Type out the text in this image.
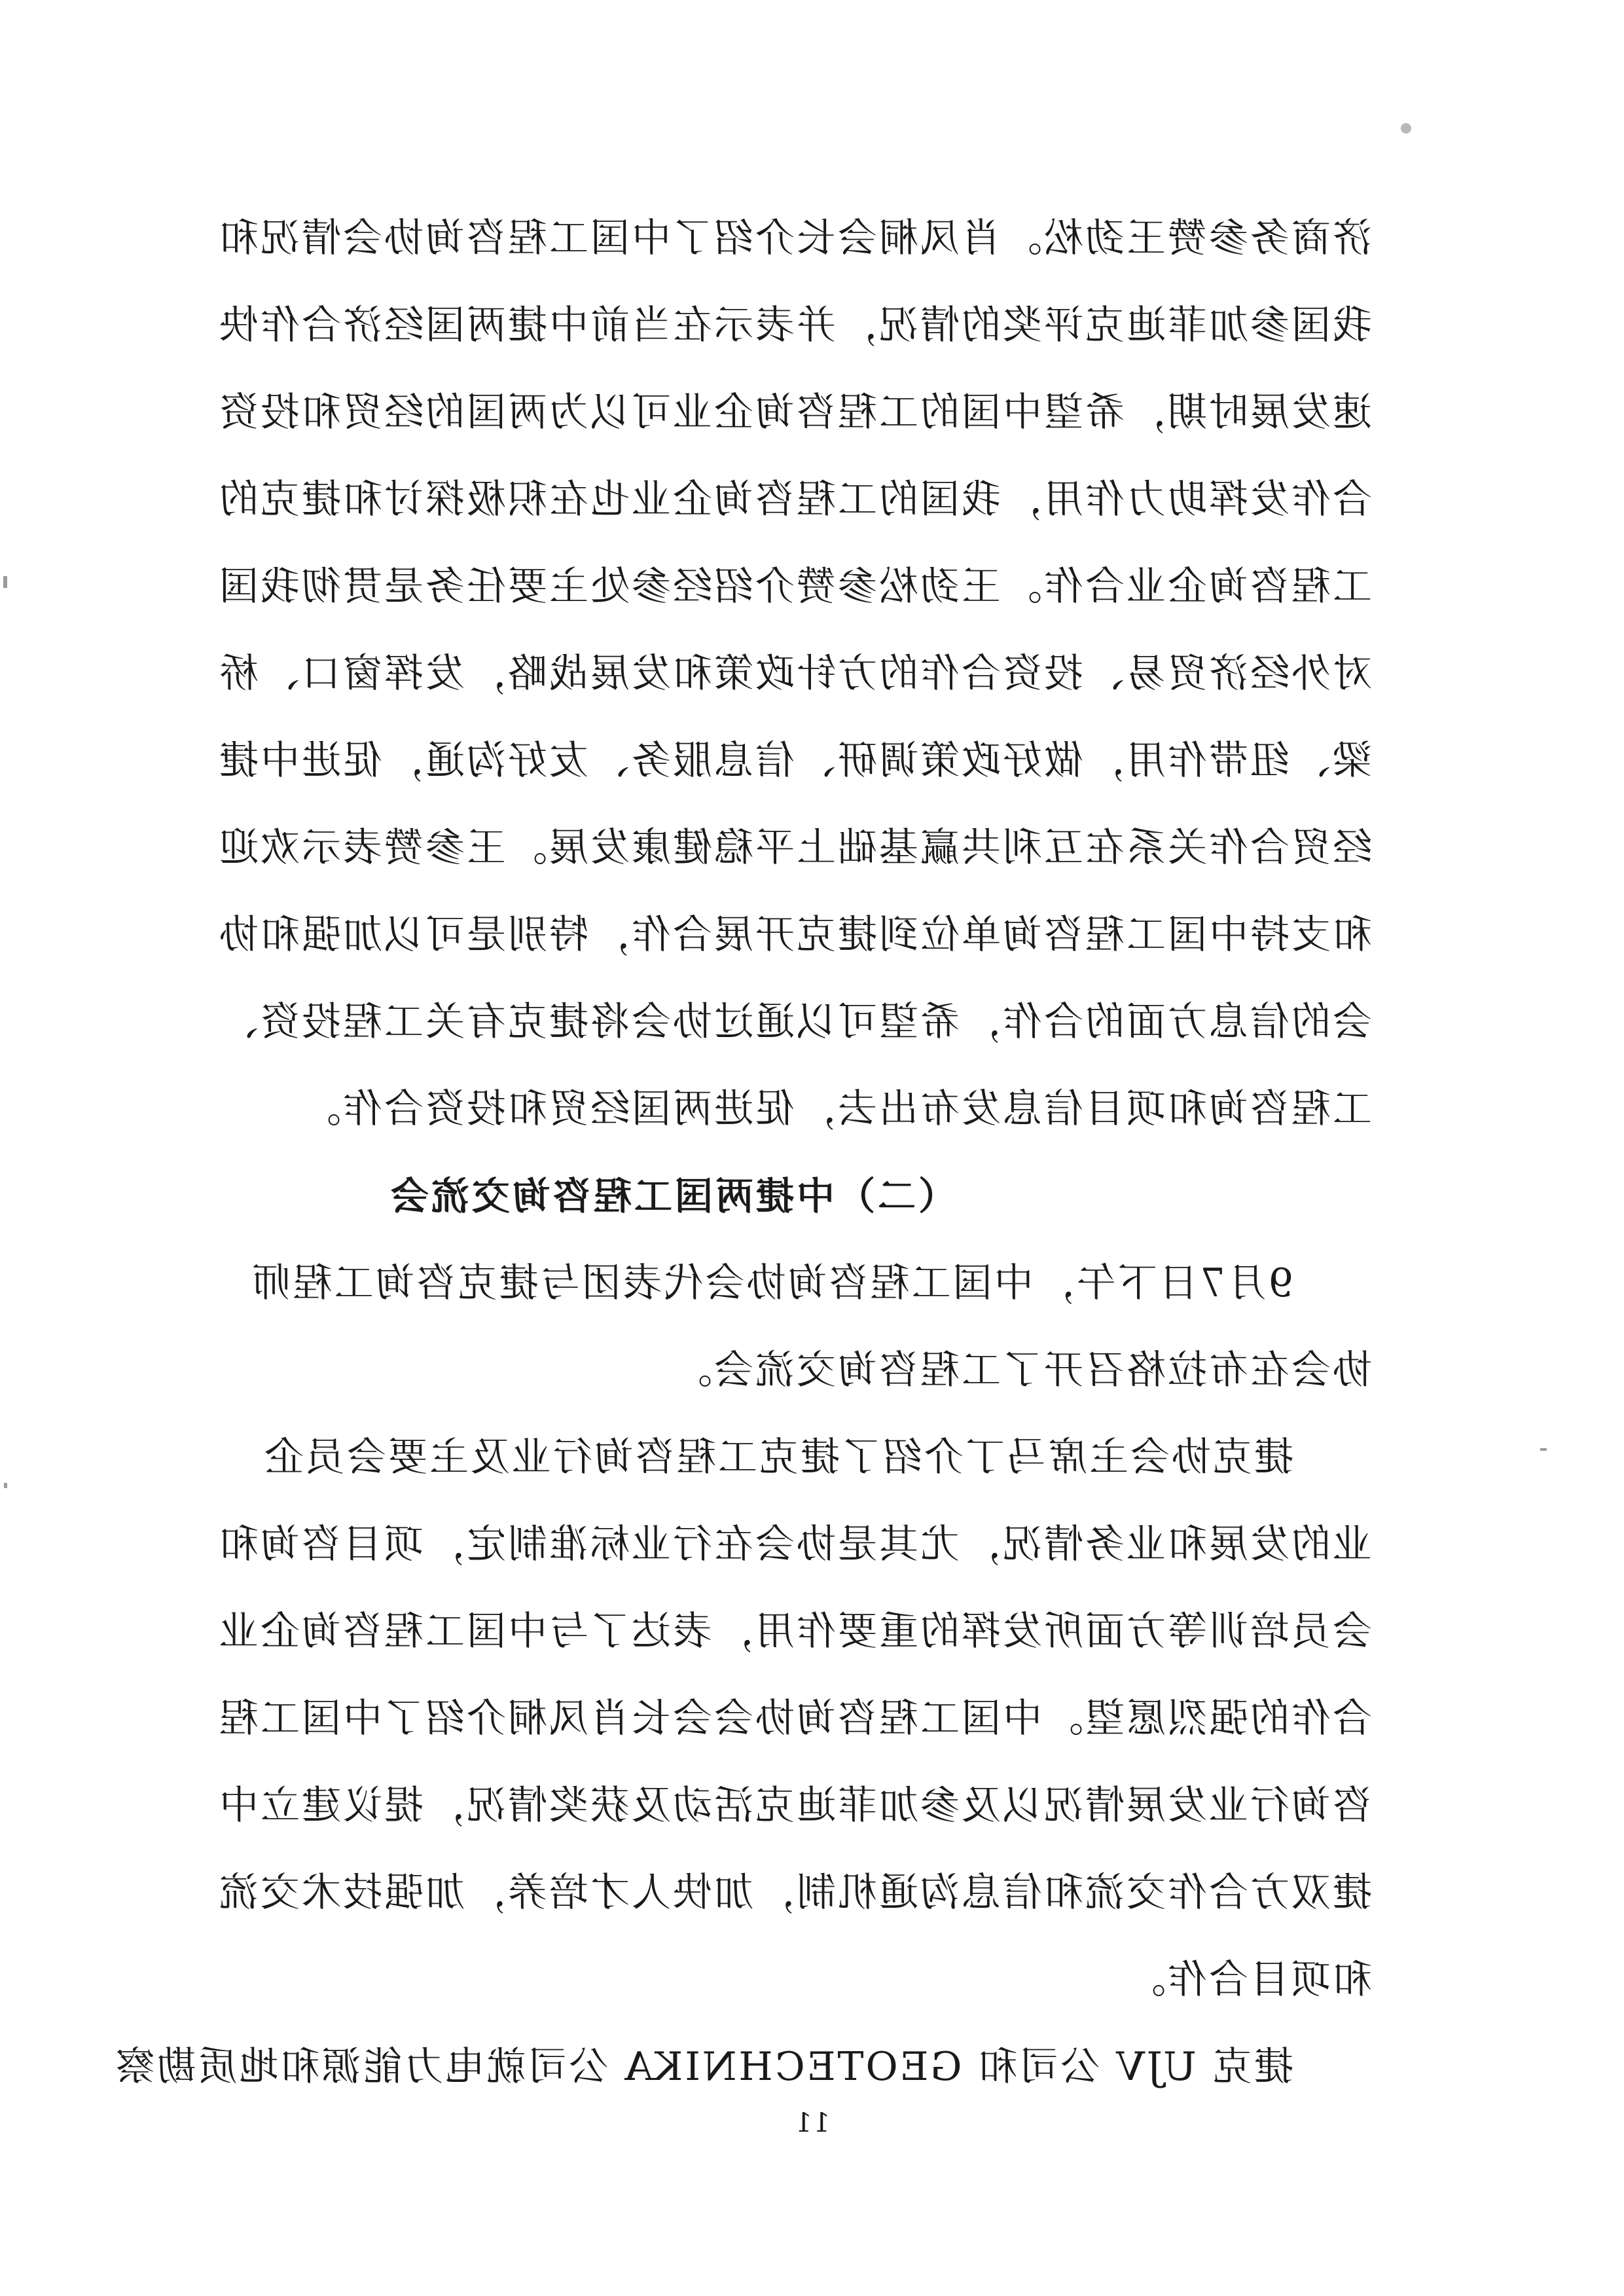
济商务参赞王劲松。肖凤桐会长介绍了中国工程咨询协会情况和
我国参加菲迪克评奖的情况，并表示在当前中捷两国经济合作快
速发展时期，希望中国的工程咨询企业可以为两国的经贸和投资
合作发挥助力作用，我国的工程咨询企业也在积极探讨和捷克的
工程咨询企业合作。王劲松参赞介绍经参处主要任务是贯彻我国
对外经济贸易、投资合作的方针政策和发展战略，发挥窗口、桥
梁、纽带作用，做好政策调研、信息服务、友好沟通，促进中捷
经贸合作关系在互利共赢基础上平稳健康发展。王参赞表示欢迎
和支持中国工程咨询单位到捷克开展合作，特别是可以加强和协
会的信息方面的合作，希望可以通过协会将捷克有关工程投资、
工程咨询和项目信息发布出去，促进两国经贸和投资合作。
（二）中捷两国工程咨询交流会
9月7日下午，中国工程咨询协会代表团与捷克咨询工程师
协会在布拉格召开了工程咨询交流会。
捷克协会主席马丁介绍了捷克工程咨询行业及主要会员企
业的发展和业务情况，尤其是协会在行业标准制定，项目咨询和
会员培训等方面所发挥的重要作用，表达了与中国工程咨询企业
合作的强烈愿望。中国工程咨询协会会长肖凤桐介绍了中国工程
咨询行业发展情况以及参加菲迪克活动及获奖情况，提议建立中
捷双方合作交流和信息沟通机制，加快人才培养，加强技术交流
和项目合作。
捷克 UJV 公司和 GEOTECHNIKA 公司就电力能源和地质勘察
11
